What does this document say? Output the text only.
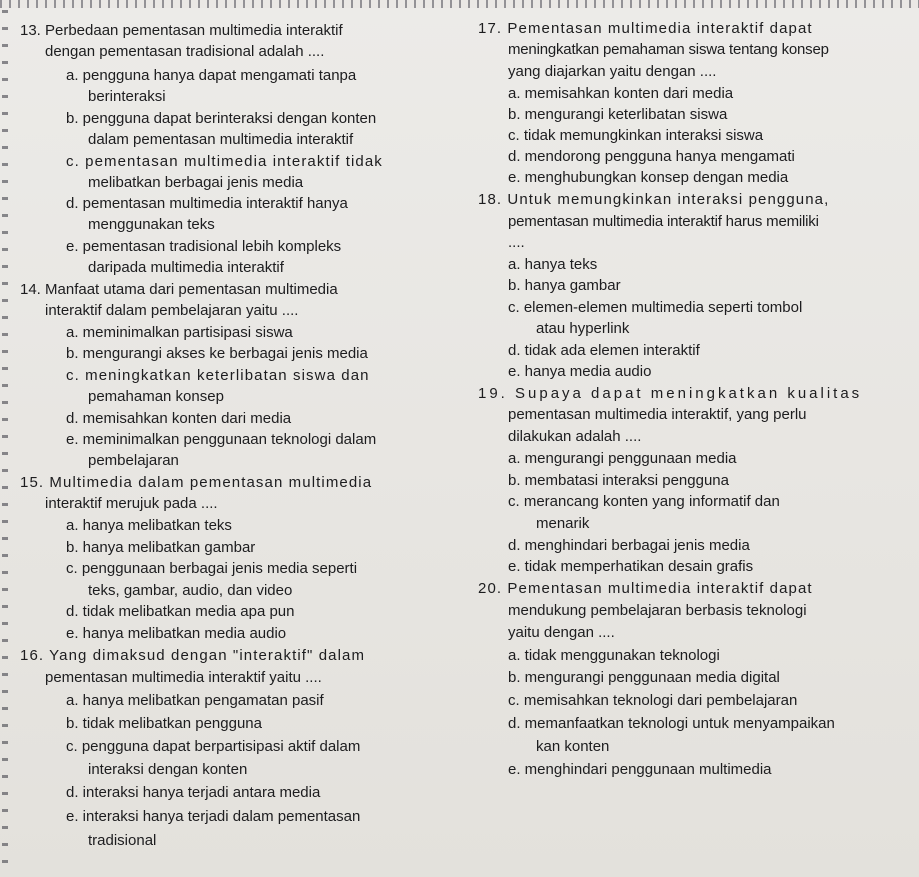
13. Perbedaan pementasan multimedia interaktif
dengan pementasan tradisional adalah ....
a. pengguna hanya dapat mengamati tanpa
berinteraksi
b. pengguna dapat berinteraksi dengan konten
dalam pementasan multimedia interaktif
c. pementasan multimedia interaktif tidak
melibatkan berbagai jenis media
d. pementasan multimedia interaktif hanya
menggunakan teks
e. pementasan tradisional lebih kompleks
daripada multimedia interaktif
14. Manfaat utama dari pementasan multimedia
interaktif dalam pembelajaran yaitu ....
a. meminimalkan partisipasi siswa
b. mengurangi akses ke berbagai jenis media
c. meningkatkan keterlibatan siswa dan
pemahaman konsep
d. memisahkan konten dari media
e. meminimalkan penggunaan teknologi dalam
pembelajaran
15. Multimedia dalam pementasan multimedia
interaktif merujuk pada ....
a. hanya melibatkan teks
b. hanya melibatkan gambar
c. penggunaan berbagai jenis media seperti
teks, gambar, audio, dan video
d. tidak melibatkan media apa pun
e. hanya melibatkan media audio
16. Yang dimaksud dengan "interaktif" dalam
pementasan multimedia interaktif yaitu ....
a. hanya melibatkan pengamatan pasif
b. tidak melibatkan pengguna
c. pengguna dapat berpartisipasi aktif dalam
interaksi dengan konten
d. interaksi hanya terjadi antara media
e. interaksi hanya terjadi dalam pementasan
tradisional
17. Pementasan multimedia interaktif dapat
meningkatkan pemahaman siswa tentang konsep
yang diajarkan yaitu dengan ....
a. memisahkan konten dari media
b. mengurangi keterlibatan siswa
c. tidak memungkinkan interaksi siswa
d. mendorong pengguna hanya mengamati
e. menghubungkan konsep dengan media
18. Untuk memungkinkan interaksi pengguna,
pementasan multimedia interaktif harus memiliki
....
a. hanya teks
b. hanya gambar
c. elemen-elemen multimedia seperti tombol
atau hyperlink
d. tidak ada elemen interaktif
e. hanya media audio
19. Supaya dapat meningkatkan kualitas
pementasan multimedia interaktif, yang perlu
dilakukan adalah ....
a. mengurangi penggunaan media
b. membatasi interaksi pengguna
c. merancang konten yang informatif dan
menarik
d. menghindari berbagai jenis media
e. tidak memperhatikan desain grafis
20. Pementasan multimedia interaktif dapat
mendukung pembelajaran berbasis teknologi
yaitu dengan ....
a. tidak menggunakan teknologi
b. mengurangi penggunaan media digital
c. memisahkan teknologi dari pembelajaran
d. memanfaatkan teknologi untuk menyampaikan
kan konten
e. menghindari penggunaan multimedia
